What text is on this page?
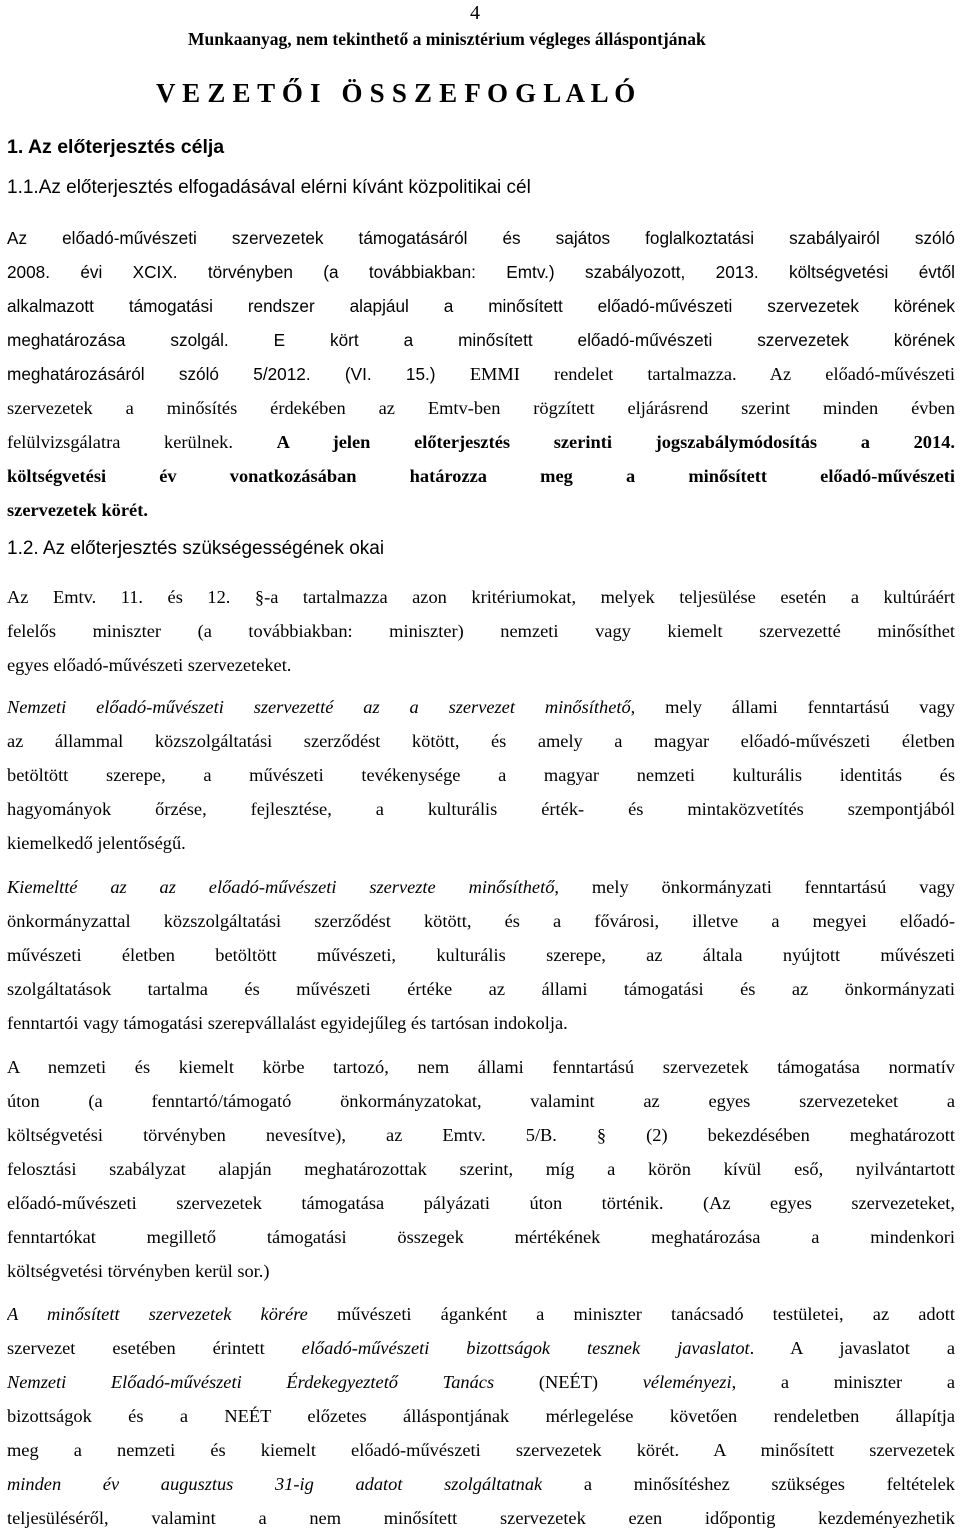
4
Munkaanyag, nem tekinthető a minisztérium végleges álláspontjának
V E Z E T Ő I   Ö S S Z E F O G L A L Ó
1. Az előterjesztés célja
1.1.Az előterjesztés elfogadásával elérni kívánt közpolitikai cél
Az előadó-művészeti szervezetek támogatásáról és sajátos foglalkoztatási szabályairól szóló
2008. évi XCIX. törvényben (a továbbiakban: Emtv.) szabályozott, 2013. költségvetési évtől
alkalmazott támogatási rendszer alapjául a minősített előadó-művészeti szervezetek körének
meghatározása szolgál. E kört a minősített előadó-művészeti szervezetek körének
meghatározásáról szóló 5/2012. (VI. 15.) EMMI rendelet tartalmazza. Az előadó-művészeti
szervezetek a minősítés érdekében az Emtv-ben rögzített eljárásrend szerint minden évben
felülvizsgálatra kerülnek. A jelen előterjesztés szerinti jogszabálymódosítás a 2014.
költségvetési év vonatkozásában határozza meg a minősített előadó-művészeti
szervezetek körét.
1.2. Az előterjesztés szükségességének okai
Az Emtv. 11. és 12. §-a tartalmazza azon kritériumokat, melyek teljesülése esetén a kultúráért
felelős miniszter (a továbbiakban: miniszter) nemzeti vagy kiemelt szervezetté minősíthet
egyes előadó-művészeti szervezeteket.
Nemzeti előadó-művészeti szervezetté az a szervezet minősíthető, mely állami fenntartású vagy
az állammal közszolgáltatási szerződést kötött, és amely a magyar előadó-művészeti életben
betöltött szerepe, a művészeti tevékenysége a magyar nemzeti kulturális identitás és
hagyományok őrzése, fejlesztése, a kulturális érték- és mintaközvetítés szempontjából
kiemelkedő jelentőségű.
Kiemeltté az az előadó-művészeti szervezte minősíthető, mely önkormányzati fenntartású vagy
önkormányzattal közszolgáltatási szerződést kötött, és a fővárosi, illetve a megyei előadó-
művészeti életben betöltött művészeti, kulturális szerepe, az általa nyújtott művészeti
szolgáltatások tartalma és művészeti értéke az állami támogatási és az önkormányzati
fenntartói vagy támogatási szerepvállalást egyidejűleg és tartósan indokolja.
A nemzeti és kiemelt körbe tartozó, nem állami fenntartású szervezetek támogatása normatív
úton (a fenntartó/támogató önkormányzatokat, valamint az egyes szervezeteket a
költségvetési törvényben nevesítve), az Emtv. 5/B. § (2) bekezdésében meghatározott
felosztási szabályzat alapján meghatározottak szerint, míg a körön kívül eső, nyilvántartott
előadó-művészeti szervezetek támogatása pályázati úton történik. (Az egyes szervezeteket,
fenntartókat megillető támogatási összegek mértékének meghatározása a mindenkori
költségvetési törvényben kerül sor.)
A minősített szervezetek körére művészeti áganként a miniszter tanácsadó testületei, az adott
szervezet esetében érintett előadó-művészeti bizottságok tesznek javaslatot. A javaslatot a
Nemzeti Előadó-művészeti Érdekegyeztető Tanács (NEÉT) véleményezi, a miniszter a
bizottságok és a NEÉT előzetes álláspontjának mérlegelése követően rendeletben állapítja
meg a nemzeti és kiemelt előadó-művészeti szervezetek körét. A minősített szervezetek
minden év augusztus 31-ig adatot szolgáltatnak a minősítéshez szükséges feltételek
teljesüléséről, valamint a nem minősített szervezetek ezen időpontig kezdeményezhetik
